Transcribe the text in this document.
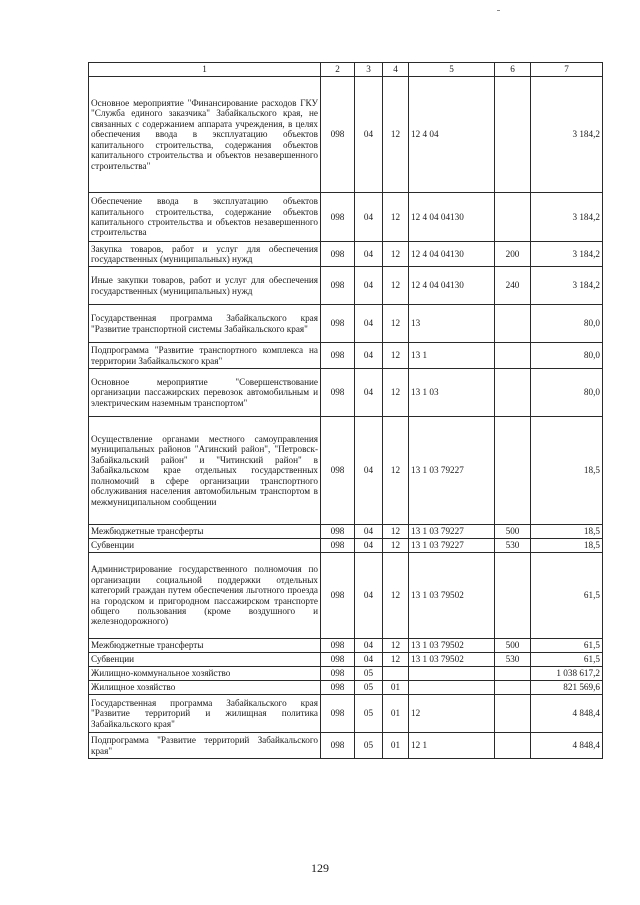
1	2	3	4	5	6	7
Основное мероприятие "Финансирование расходов ГКУ "Служба единого заказчика" Забайкальского края, не связанных с содержанием аппарата учреждения, в целях обеспечения ввода в эксплуатацию объектов капитального строительства, содержания объектов капитального строительства и объектов незавершенного строительства"	098	04	12	12 4 04		3 184,2
Обеспечение ввода в эксплуатацию объектов капитального строительства, содержание объектов капитального строительства и объектов незавершенного строительства	098	04	12	12 4 04 04130		3 184,2
Закупка товаров, работ и услуг для обеспечения государственных (муниципальных) нужд	098	04	12	12 4 04 04130	200	3 184,2
Иные закупки товаров, работ и услуг для обеспечения государственных (муниципальных) нужд	098	04	12	12 4 04 04130	240	3 184,2
Государственная программа Забайкальского края "Развитие транспортной системы Забайкальского края"	098	04	12	13		80,0
Подпрограмма "Развитие транспортного комплекса на территории Забайкальского края"	098	04	12	13 1		80,0
Основное мероприятие "Совершенствование организации пассажирских перевозок автомобильным и электрическим наземным транспортом"	098	04	12	13 1 03		80,0
Осуществление органами местного самоуправления муниципальных районов "Агинский район", "Петровск-Забайкальский район" и "Читинский район" в Забайкальском крае отдельных государственных полномочий в сфере организации транспортного обслуживания населения автомобильным транспортом в межмуниципальном сообщении	098	04	12	13 1 03 79227		18,5
Межбюджетные трансферты	098	04	12	13 1 03 79227	500	18,5
Субвенции	098	04	12	13 1 03 79227	530	18,5
Администрирование государственного полномочия по организации социальной поддержки отдельных категорий граждан путем обеспечения льготного проезда на городском и пригородном пассажирском транспорте общего пользования (кроме воздушного и железнодорожного)	098	04	12	13 1 03 79502		61,5
Межбюджетные трансферты	098	04	12	13 1 03 79502	500	61,5
Субвенции	098	04	12	13 1 03 79502	530	61,5
Жилищно-коммунальное хозяйство	098	05				1 038 617,2
Жилищное хозяйство	098	05	01			821 569,6
Государственная программа Забайкальского края "Развитие территорий и жилищная политика Забайкальского края"	098	05	01	12		4 848,4
Подпрограмма "Развитие территорий Забайкальского края"	098	05	01	12 1		4 848,4
129
